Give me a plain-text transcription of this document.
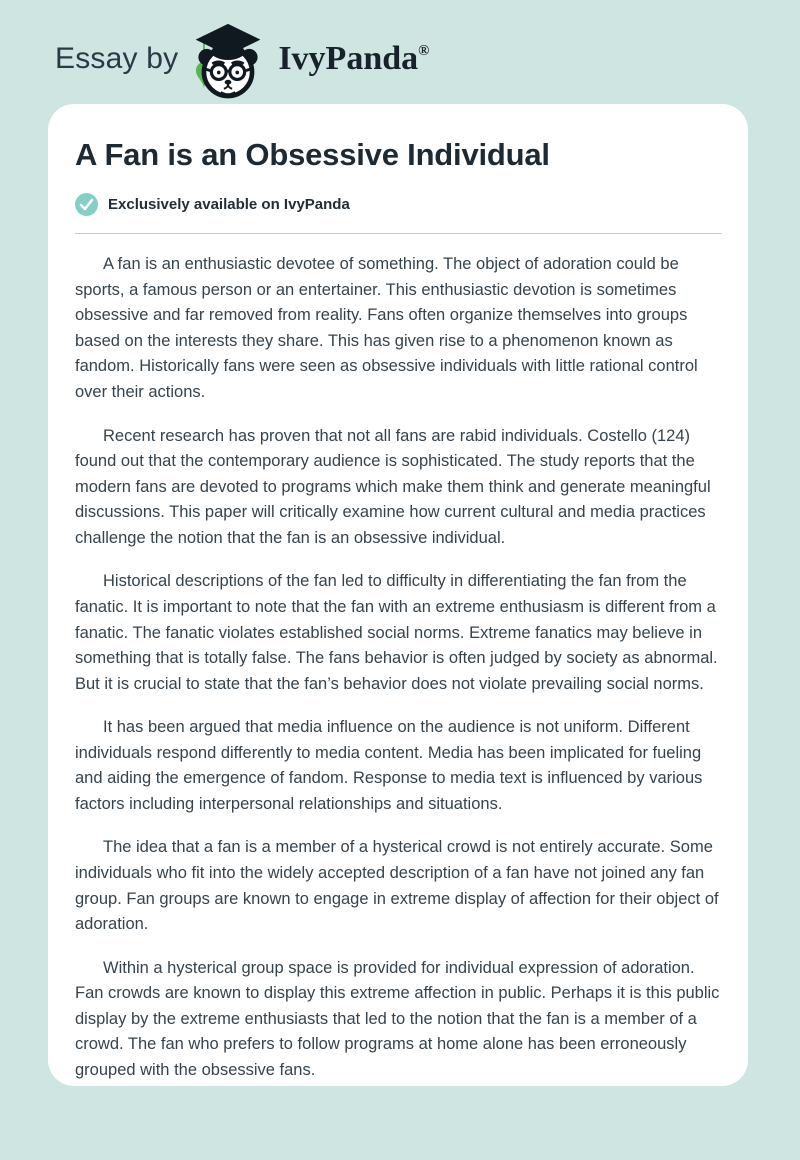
Essay by	IvyPanda®
A Fan is an Obsessive Individual
Exclusively available on IvyPanda

A fan is an enthusiastic devotee of something. The object of adoration could be sports, a famous person or an entertainer. This enthusiastic devotion is sometimes obsessive and far removed from reality. Fans often organize themselves into groups based on the interests they share. This has given rise to a phenomenon known as fandom. Historically fans were seen as obsessive individuals with little rational control over their actions.

Recent research has proven that not all fans are rabid individuals. Costello (124) found out that the contemporary audience is sophisticated. The study reports that the modern fans are devoted to programs which make them think and generate meaningful discussions. This paper will critically examine how current cultural and media practices challenge the notion that the fan is an obsessive individual.

Historical descriptions of the fan led to difficulty in differentiating the fan from the fanatic. It is important to note that the fan with an extreme enthusiasm is different from a fanatic. The fanatic violates established social norms. Extreme fanatics may believe in something that is totally false. The fans behavior is often judged by society as abnormal. But it is crucial to state that the fan’s behavior does not violate prevailing social norms.

It has been argued that media influence on the audience is not uniform. Different individuals respond differently to media content. Media has been implicated for fueling and aiding the emergence of fandom. Response to media text is influenced by various factors including interpersonal relationships and situations.

The idea that a fan is a member of a hysterical crowd is not entirely accurate. Some individuals who fit into the widely accepted description of a fan have not joined any fan group. Fan groups are known to engage in extreme display of affection for their object of adoration.

Within a hysterical group space is provided for individual expression of adoration. Fan crowds are known to display this extreme affection in public. Perhaps it is this public display by the extreme enthusiasts that led to the notion that the fan is a member of a crowd. The fan who prefers to follow programs at home alone has been erroneously grouped with the obsessive fans.
